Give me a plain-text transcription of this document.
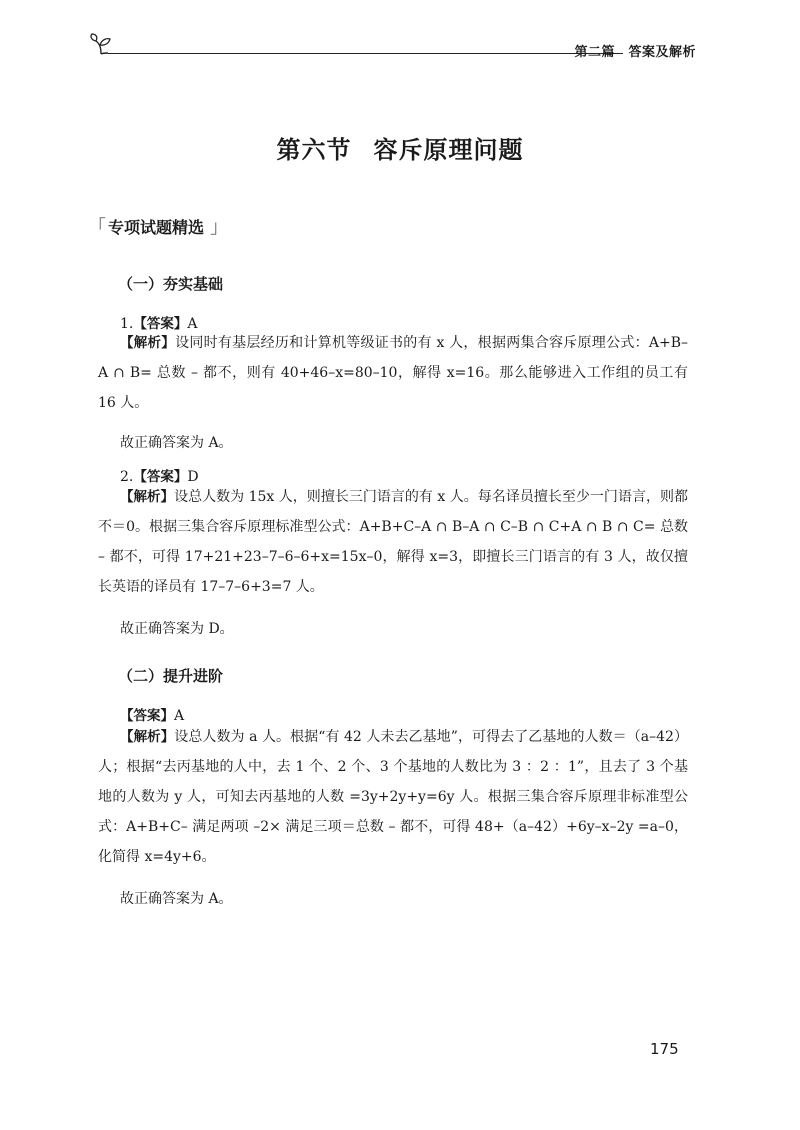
第二篇　答案及解析
第六节 容斥原理问题
「 专项试题精选 」
（一）夯实基础
1.【答案】A
【解析】设同时有基层经历和计算机等级证书的有 x 人，根据两集合容斥原理公式：A+B–A ∩ B= 总数 – 都不，则有 40+46–x=80–10，解得 x=16。那么能够进入工作组的员工有 16 人。
故正确答案为 A。
2.【答案】D
【解析】设总人数为 15x 人，则擅长三门语言的有 x 人。每名译员擅长至少一门语言，则都不＝0。根据三集合容斥原理标准型公式：A+B+C–A ∩ B–A ∩ C–B ∩ C+A ∩ B ∩ C= 总数 – 都不，可得 17+21+23–7–6–6+x=15x–0，解得 x=3，即擅长三门语言的有 3 人，故仅擅长英语的译员有 17–7–6+3=7 人。
故正确答案为 D。
（二）提升进阶
【答案】A
【解析】设总人数为 a 人。根据“有 42 人未去乙基地”，可得去了乙基地的人数＝（a–42）人；根据“去丙基地的人中，去 1 个、2 个、3 个基地的人数比为 3 ：2 ：1”，且去了 3 个基地的人数为 y 人，可知去丙基地的人数 =3y+2y+y=6y 人。根据三集合容斥原理非标准型公式：A+B+C– 满足两项 –2× 满足三项＝总数 – 都不，可得 48+（a–42）+6y–x–2y =a–0，化简得 x=4y+6。
故正确答案为 A。
175
